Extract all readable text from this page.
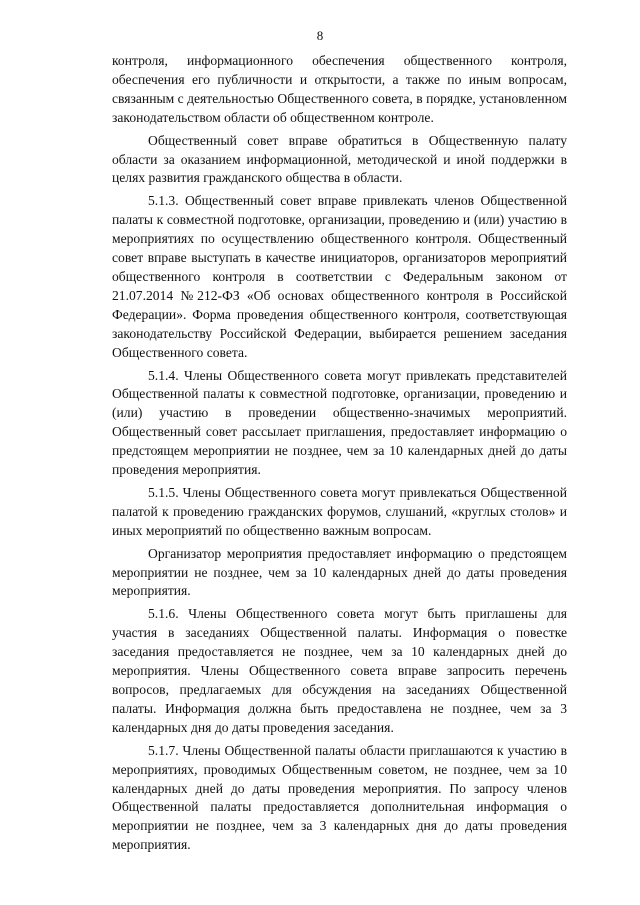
8

контроля, информационного обеспечения общественного контроля, обеспечения его публичности и открытости, а также по иным вопросам, связанным с деятельностью Общественного совета, в порядке, установленном законодательством области об общественном контроле.

Общественный совет вправе обратиться в Общественную палату области за оказанием информационной, методической и иной поддержки в целях развития гражданского общества в области.

5.1.3. Общественный совет вправе привлекать членов Общественной палаты к совместной подготовке, организации, проведению и (или) участию в мероприятиях по осуществлению общественного контроля. Общественный совет вправе выступать в качестве инициаторов, организаторов мероприятий общественного контроля в соответствии с Федеральным законом от 21.07.2014 №212-ФЗ «Об основах общественного контроля в Российской Федерации». Форма проведения общественного контроля, соответствующая законодательству Российской Федерации, выбирается решением заседания Общественного совета.

5.1.4. Члены Общественного совета могут привлекать представителей Общественной палаты к совместной подготовке, организации, проведению и (или) участию в проведении общественно-значимых мероприятий. Общественный совет рассылает приглашения, предоставляет информацию о предстоящем мероприятии не позднее, чем за 10 календарных дней до даты проведения мероприятия.

5.1.5. Члены Общественного совета могут привлекаться Общественной палатой к проведению гражданских форумов, слушаний, «круглых столов» и иных мероприятий по общественно важным вопросам.

Организатор мероприятия предоставляет информацию о предстоящем мероприятии не позднее, чем за 10 календарных дней до даты проведения мероприятия.

5.1.6. Члены Общественного совета могут быть приглашены для участия в заседаниях Общественной палаты. Информация о повестке заседания предоставляется не позднее, чем за 10 календарных дней до мероприятия. Члены Общественного совета вправе запросить перечень вопросов, предлагаемых для обсуждения на заседаниях Общественной палаты. Информация должна быть предоставлена не позднее, чем за 3 календарных дня до даты проведения заседания.

5.1.7. Члены Общественной палаты области приглашаются к участию в мероприятиях, проводимых Общественным советом, не позднее, чем за 10 календарных дней до даты проведения мероприятия. По запросу членов Общественной палаты предоставляется дополнительная информация о мероприятии не позднее, чем за 3 календарных дня до даты проведения мероприятия.
